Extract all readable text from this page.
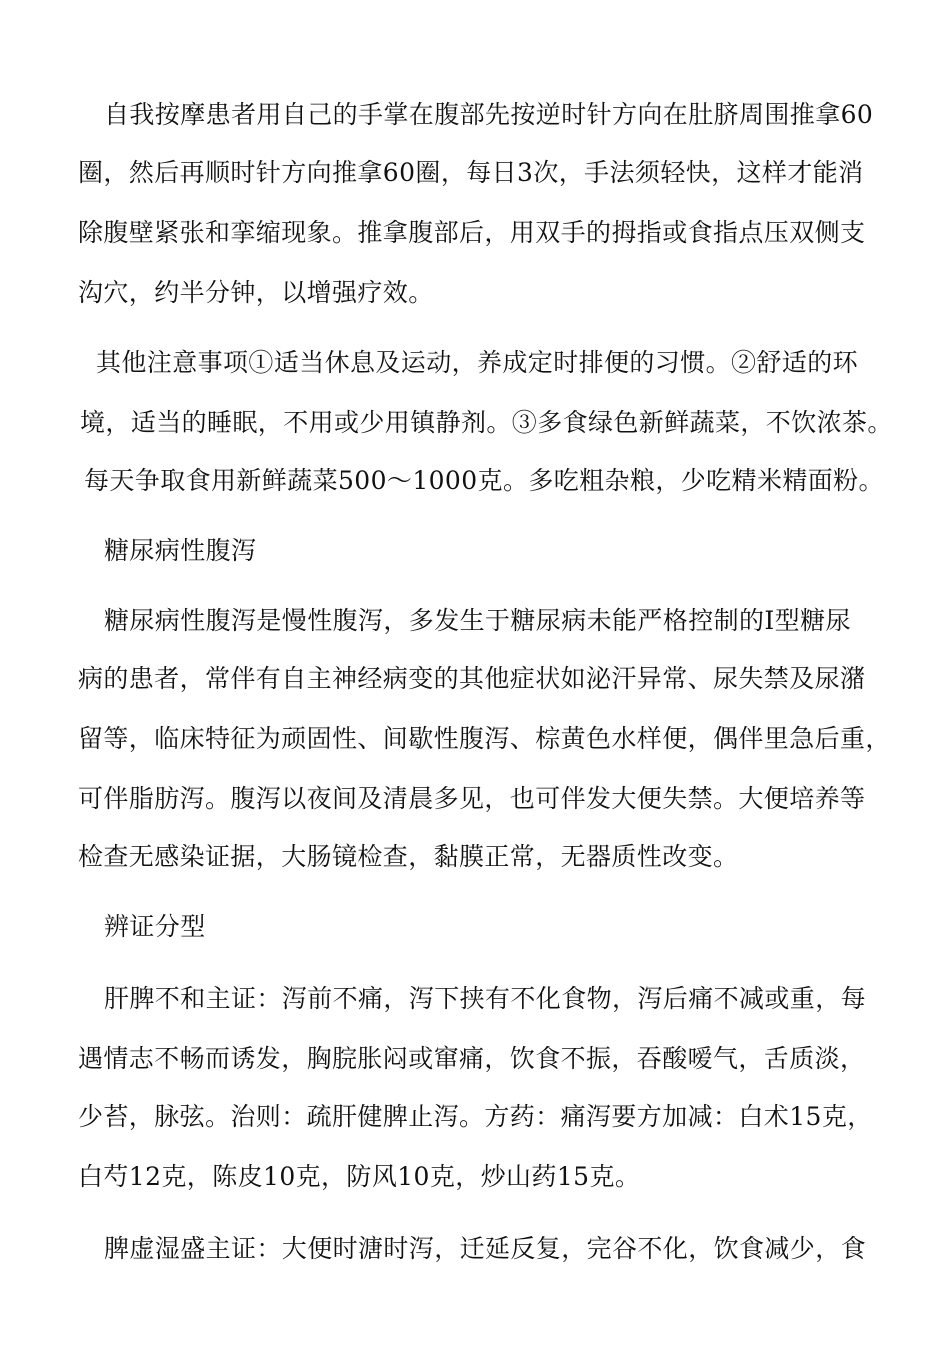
自我按摩患者用自己的手掌在腹部先按逆时针方向在肚脐周围推拿60

圈，然后再顺时针方向推拿60圈，每日3次，手法须轻快，这样才能消

除腹壁紧张和挛缩现象。推拿腹部后，用双手的拇指或食指点压双侧支

沟穴，约半分钟，以增强疗效。

其他注意事项①适当休息及运动，养成定时排便的习惯。②舒适的环

境，适当的睡眠，不用或少用镇静剂。③多食绿色新鲜蔬菜，不饮浓茶。

每天争取食用新鲜蔬菜500〜1000克。多吃粗杂粮，少吃精米精面粉。

糖尿病性腹泻

糖尿病性腹泻是慢性腹泻，多发生于糖尿病未能严格控制的I型糖尿

病的患者，常伴有自主神经病变的其他症状如泌汗异常、尿失禁及尿潴

留等，临床特征为顽固性、间歇性腹泻、棕黄色水样便，偶伴里急后重，

可伴脂肪泻。腹泻以夜间及清晨多见，也可伴发大便失禁。大便培养等

检查无感染证据，大肠镜检查，黏膜正常，无器质性改变。

辨证分型

肝脾不和主证：泻前不痛，泻下挟有不化食物，泻后痛不减或重，每

遇情志不畅而诱发，胸脘胀闷或窜痛，饮食不振，吞酸嗳气，舌质淡，

少苔，脉弦。治则：疏肝健脾止泻。方药：痛泻要方加减：白术15克，

白芍12克，陈皮10克，防风10克，炒山药15克。

脾虚湿盛主证：大便时溏时泻，迁延反复，完谷不化，饮食减少，食
